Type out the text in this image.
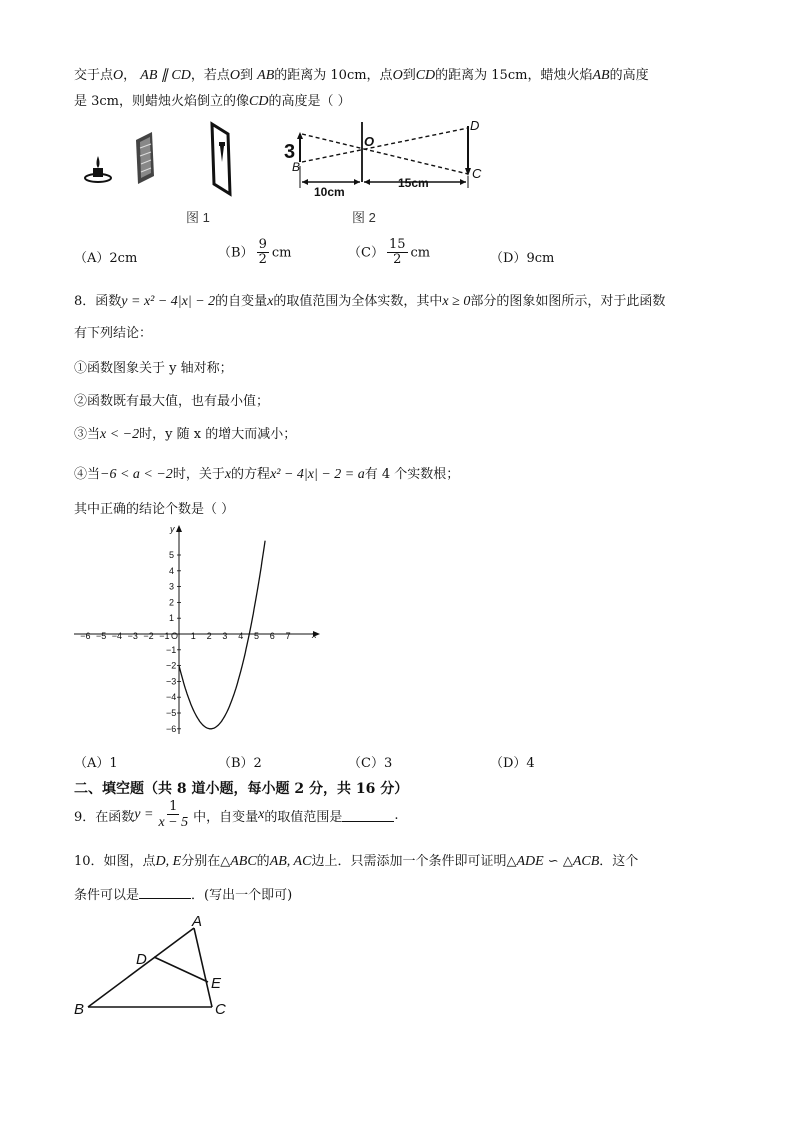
交于点O， AB ∥ CD，若点O到 AB的距离为 10cm，点O到CD的距离为 15cm，蜡烛火焰AB的高度
是 3cm，则蜡烛火焰倒立的像CD的高度是（ ）
图 1
3	O
B
D
C
10cm
15cm
图 2
（A）2cm	$(B) \frac{9}{2}$ cm	$(C) \frac{15}{2}$ cm	（D）9cm
8．函数y = x² − 4|x| − 2的自变量x的取值范围为全体实数，其中x ≥ 0部分的图象如图所示，对于此函数
有下列结论：
①函数图象关于 y 轴对称；
②函数既有最大值，也有最小值；
③当x < −2时，y 随 x 的增大而减小；
④当−6 < a < −2时，关于x的方程x² − 4|x| − 2 = a有 4 个实数根；
其中正确的结论个数是（ ）
x
y
−6 −5 −4 −3 −2 −1 O 1 2 3 4 5 6 7
5
4
3
2
1
−1
−2
−3
−4
−5
−6
（A）1	（B）2	（C）3	（D）4
二、填空题（共 8 道小题，每小题 2 分，共 16 分）
9．在函数 $y = \frac{1}{x - 5}$ 中，自变量 x 的取值范围是	.
10．如图，点D, E分别在△ABC的AB, AC边上．只需添加一个条件即可证明△ADE ∽ △ACB．这个
条件可以是	．(写出一个即可)
A
B	C
D
E
